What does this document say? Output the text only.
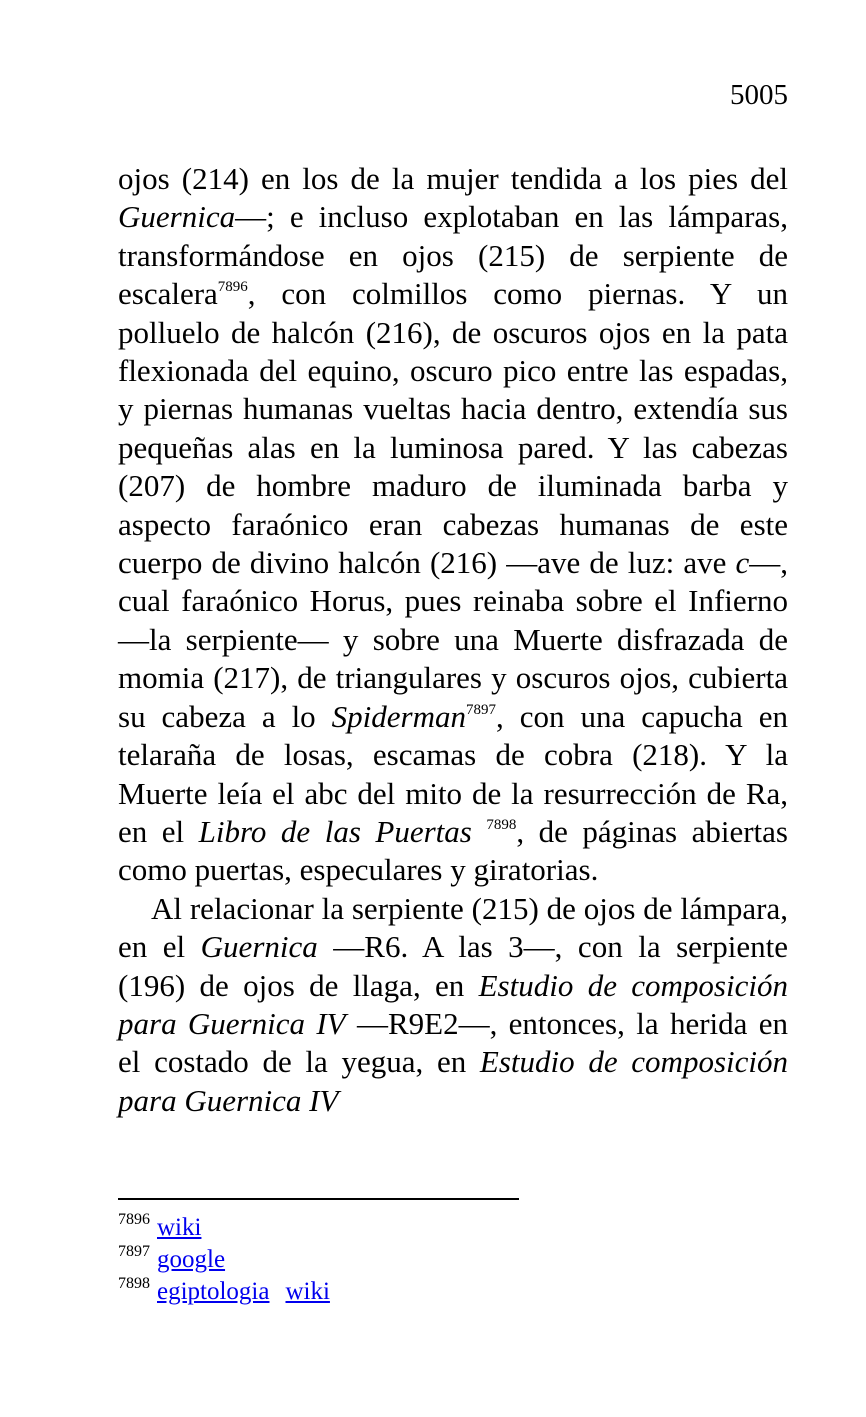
5005

ojos (214) en los de la mujer tendida a los pies del Guernica—; e incluso explotaban en las lámparas, transformándose en ojos (215) de serpiente de escalera$^{7896}$, con colmillos como piernas. Y un polluelo de halcón (216), de oscuros ojos en la pata flexionada del equino, oscuro pico entre las espadas, y piernas humanas vueltas hacia dentro, extendía sus pequeñas alas en la luminosa pared. Y las cabezas (207) de hombre maduro de iluminada barba y aspecto faraónico eran cabezas humanas de este cuerpo de divino halcón (216) —ave de luz: ave c—, cual faraónico Horus, pues reinaba sobre el Infierno —la serpiente— y sobre una Muerte disfrazada de momia (217), de triangulares y oscuros ojos, cubierta su cabeza a lo Spiderman$^{7897}$, con una capucha en telaraña de losas, escamas de cobra (218). Y la Muerte leía el abc del mito de la resurrección de Ra, en el Libro de las Puertas $^{7898}$, de páginas abiertas como puertas, especulares y giratorias.

Al relacionar la serpiente (215) de ojos de lámpara, en el Guernica —R6. A las 3—, con la serpiente (196) de ojos de llaga, en Estudio de composición para Guernica IV —R9E2—, entonces, la herida en el costado de la yegua, en Estudio de composición para Guernica IV

$^{7896}$ wiki
$^{7897}$ google
$^{7898}$ egiptologia wiki
